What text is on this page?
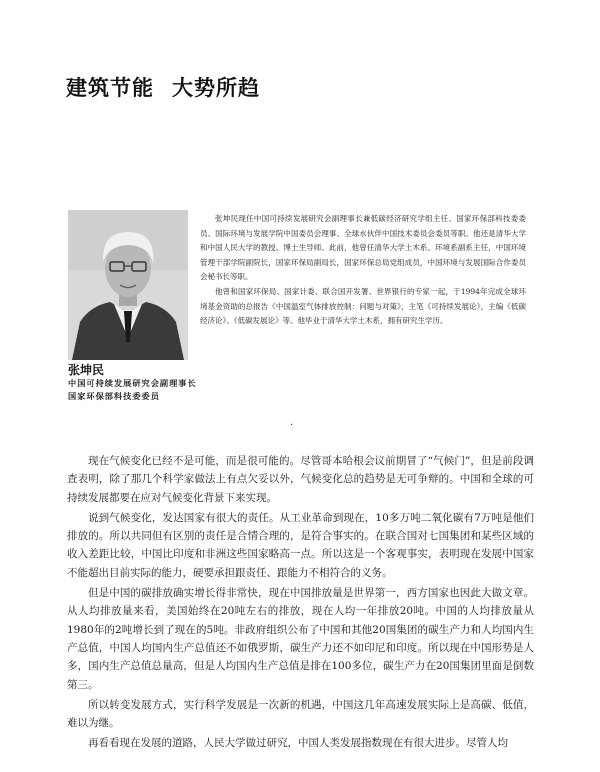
建筑节能 大势所趋
张坤民
中国可持续发展研究会副理事长
国家环保部科技委委员

张坤民现任中国可持续发展研究会副理事长兼低碳经济研究学组主任、国家环保部科技委委员、国际环境与发展学院中国委员会理事、全球水伙伴中国技术委员会委员等职。他还是清华大学和中国人民大学的教授、博士生导师。此前，他曾任清华大学土木系、环境系副系主任，中国环境管理干部学院副院长，国家环保局副局长，国家环保总局党组成员，中国环境与发展国际合作委员会秘书长等职。

他曾和国家环保局、国家计委、联合国开发署、世界银行的专家一起，于1994年完成全球环境基金资助的总报告《中国温室气体排放控制：问题与对策》，主笔《可持续发展论》，主编《低碳经济论》、《低碳发展论》等。他毕业于清华大学土木系，拥有研究生学历。

·

现在气候变化已经不是可能，而是很可能的。尽管哥本哈根会议前期冒了“气候门”，但是前段调查表明，除了那几个科学家做法上有点欠妥以外，气候变化总的趋势是无可争辩的。中国和全球的可持续发展都要在应对气候变化背景下来实现。

说到气候变化，发达国家有很大的责任。从工业革命到现在，10多万吨二氧化碳有7万吨是他们排放的。所以共同但有区别的责任是合情合理的，是符合事实的。在联合国对七国集团和某些区域的收入差距比较，中国比印度和非洲这些国家略高一点。所以这是一个客观事实，表明现在发展中国家不能超出目前实际的能力，硬要承担跟责任、跟能力不相符合的义务。

但是中国的碳排放确实增长得非常快，现在中国排放量是世界第一，西方国家也因此大做文章。从人均排放量来看，美国始终在20吨左右的排放，现在人均一年排放20吨。中国的人均排放量从1980年的2吨增长到了现在的5吨。非政府组织公布了中国和其他20国集团的碳生产力和人均国内生产总值，中国人均国内生产总值还不如俄罗斯，碳生产力还不如印尼和印度。所以现在中国形势是人多，国内生产总值总量高，但是人均国内生产总值是排在100多位，碳生产力在20国集团里面是倒数第三。

所以转变发展方式，实行科学发展是一次新的机遇，中国这几年高速发展实际上是高碳、低值，难以为继。

再看看现在发展的道路，人民大学做过研究，中国人类发展指数现在有很大进步。尽管人均
